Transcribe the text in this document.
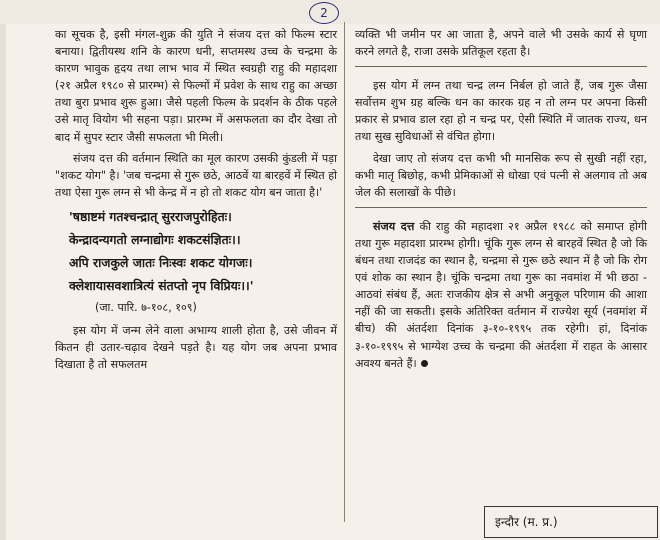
2

का सूचक है, इसी मंगल-शुक्र की युति ने संजय दत्त को फिल्म स्टार बनाया। द्वितीयस्थ शनि के कारण धनी, सप्तमस्थ उच्च के चन्द्रमा के कारण भावुक हृदय तथा लाभ भाव में स्थित स्वग्रही राहु की महादशा (२१ अप्रैल १९८० से प्रारम्भ) से फिल्मों में प्रवेश के साथ राहु का अच्छा तथा बुरा प्रभाव शुरू हुआ। जैसे पहली फिल्म के प्रदर्शन के ठीक पहले उसे मातृ वियोग भी सहना पड़ा। प्रारम्भ में असफलता का दौर देखा तो बाद में सुपर स्टार जैसी सफलता भी मिली।

संजय दत्त की वर्तमान स्थिति का मूल कारण उसकी कुंडली में पड़ा "शकट योग" है। 'जब चन्द्रमा से गुरू छठे, आठवें या बारहवें में स्थित हो तथा ऐसा गुरू लग्न से भी केन्द्र में न हो तो शकट योग बन जाता है।'

'षष्ठाष्टमं गतश्चन्द्रात् सुरराजपुरोहितः।
केन्द्रादन्यगतो लग्नाद्योगः शकटसंज्ञितः।।
अपि राजकुले जातः निःस्वः शकट योगजः।
क्लेशायासवशात्रित्यं संतप्तो नृप विप्रियः।।'
(जा. पारि. ७-१०८, १०९)

इस योग में जन्म लेने वाला अभाग्य शाली होता है, उसे जीवन में कितन ही उतार-चढ़ाव देखने पड़ते है। यह योग जब अपना प्रभाव दिखाता है तो सफलतम

व्यक्ति भी जमीन पर आ जाता है, अपने वाले भी उसके कार्य से घृणा करने लगते है, राजा उसके प्रतिकूल रहता है।

इस योग में लग्न तथा चन्द्र लग्न निर्बल हो जाते हैं, जब गुरू जैसा सर्वोत्तम शुभ ग्रह बल्कि धन का कारक ग्रह न तो लग्न पर अपना किसी प्रकार से प्रभाव डाल रहा हो न चन्द्र पर, ऐसी स्थिति में जातक राज्य, धन तथा सुख सुविधाओं से वंचित होगा।

देखा जाए तो संजय दत्त कभी भी मानसिक रूप से सुखी नहीं रहा, कभी मातृ बिछोह, कभी प्रेमिकाओं से धोखा एवं पत्नी से अलगाव तो अब जेल की सलाखों के पीछे।

संजय दत्त की राहु की महादशा २१ अप्रैल १९८८ को समाप्त होगी तथा गुरू महादशा प्रारम्भ होगी। चूंकि गुरू लग्न से बारहवें स्थित है जो कि बंधन तथा राजदंड का स्थान है, चन्द्रमा से गुरू छठे स्थान में है जो कि रोग एवं शोक का स्थान है। चूंकि चन्द्रमा तथा गुरू का नवमांश में भी छठा - आठवां संबंध हैं, अतः राजकीय क्षेत्र से अभी अनुकूल परिणाम की आशा नहीं की जा सकती। इसके अतिरिक्त वर्तमान में राज्येश सूर्य (नवमांश में बीच) की अंतर्दशा दिनांक ३-१०-१९९५ तक रहेगी। हां, दिनांक ३-१०-१९९५ से भाग्येश उच्च के चन्द्रमा की अंतर्दशा में राहत के आसार अवश्य बनते हैं।

इन्दौर (म. प्र.)
